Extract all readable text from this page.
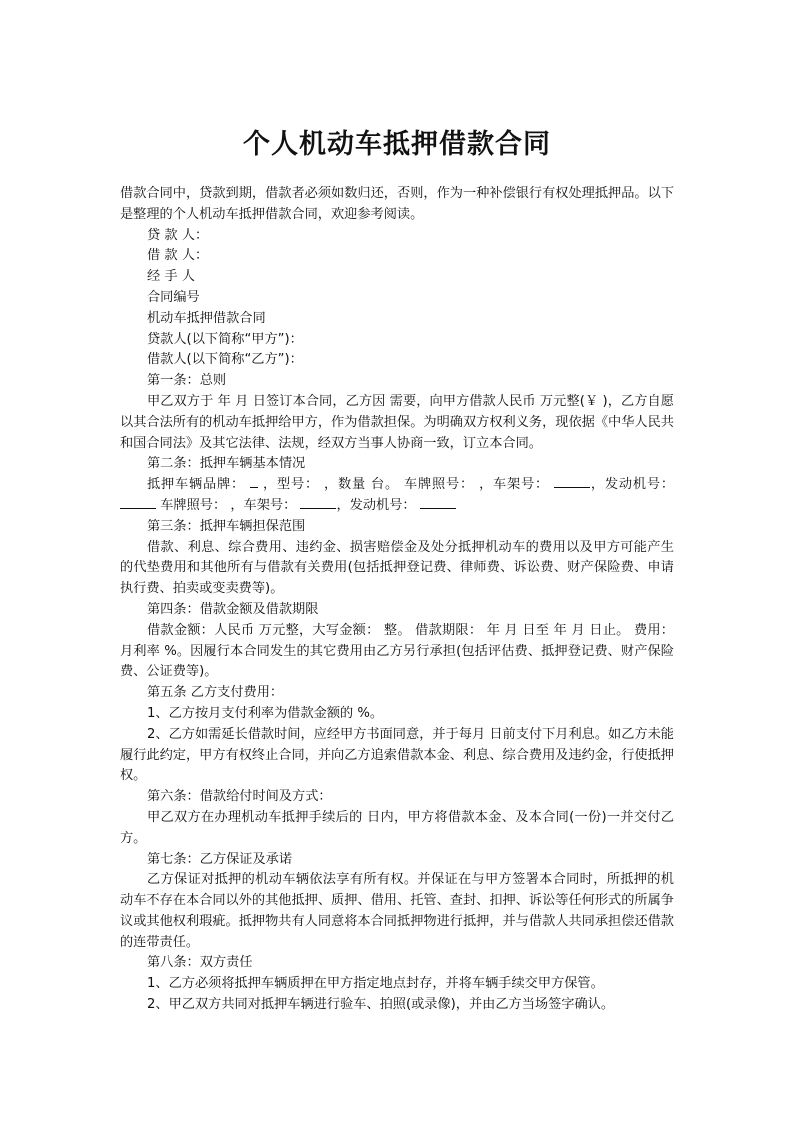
个人机动车抵押借款合同

借款合同中，贷款到期，借款者必须如数归还，否则，作为一种补偿银行有权处理抵押品。以下是整理的个人机动车抵押借款合同，欢迎参考阅读。

贷 款 人：

借 款 人：

经 手 人

合同编号

机动车抵押借款合同

贷款人(以下简称“甲方”)：

借款人(以下简称“乙方”)：

第一条：总则

甲乙双方于 年 月 日签订本合同，乙方因 需要，向甲方借款人民币 万元整(￥ )，乙方自愿以其合法所有的机动车抵押给甲方，作为借款担保。为明确双方权利义务，现依据《中华人民共和国合同法》及其它法律、法规，经双方当事人协商一致，订立本合同。

第二条：抵押车辆基本情况

抵押车辆品牌： ，型号： ，数量 台。 车牌照号： ，车架号：	，发动机号：  车牌照号： ，车架号：	，发动机号：

第三条：抵押车辆担保范围

借款、利息、综合费用、违约金、损害赔偿金及处分抵押机动车的费用以及甲方可能产生的代垫费用和其他所有与借款有关费用(包括抵押登记费、律师费、诉讼费、财产保险费、申请执行费、拍卖或变卖费等)。

第四条：借款金额及借款期限

借款金额：人民币 万元整，大写金额： 整。 借款期限： 年 月 日至 年 月 日止。 费用：月利率 %。因履行本合同发生的其它费用由乙方另行承担(包括评估费、抵押登记费、财产保险费、公证费等)。

第五条 乙方支付费用：

1、乙方按月支付利率为借款金额的 %。

2、乙方如需延长借款时间，应经甲方书面同意，并于每月 日前支付下月利息。如乙方未能履行此约定，甲方有权终止合同，并向乙方追索借款本金、利息、综合费用及违约金，行使抵押权。

第六条：借款给付时间及方式：

甲乙双方在办理机动车抵押手续后的 日内，甲方将借款本金、及本合同(一份)一并交付乙方。

第七条：乙方保证及承诺

乙方保证对抵押的机动车辆依法享有所有权。并保证在与甲方签署本合同时，所抵押的机动车不存在本合同以外的其他抵押、质押、借用、托管、查封、扣押、诉讼等任何形式的所属争议或其他权利瑕疵。抵押物共有人同意将本合同抵押物进行抵押，并与借款人共同承担偿还借款的连带责任。

第八条：双方责任

1、乙方必须将抵押车辆质押在甲方指定地点封存，并将车辆手续交甲方保管。

2、甲乙双方共同对抵押车辆进行验车、拍照(或录像)，并由乙方当场签字确认。
